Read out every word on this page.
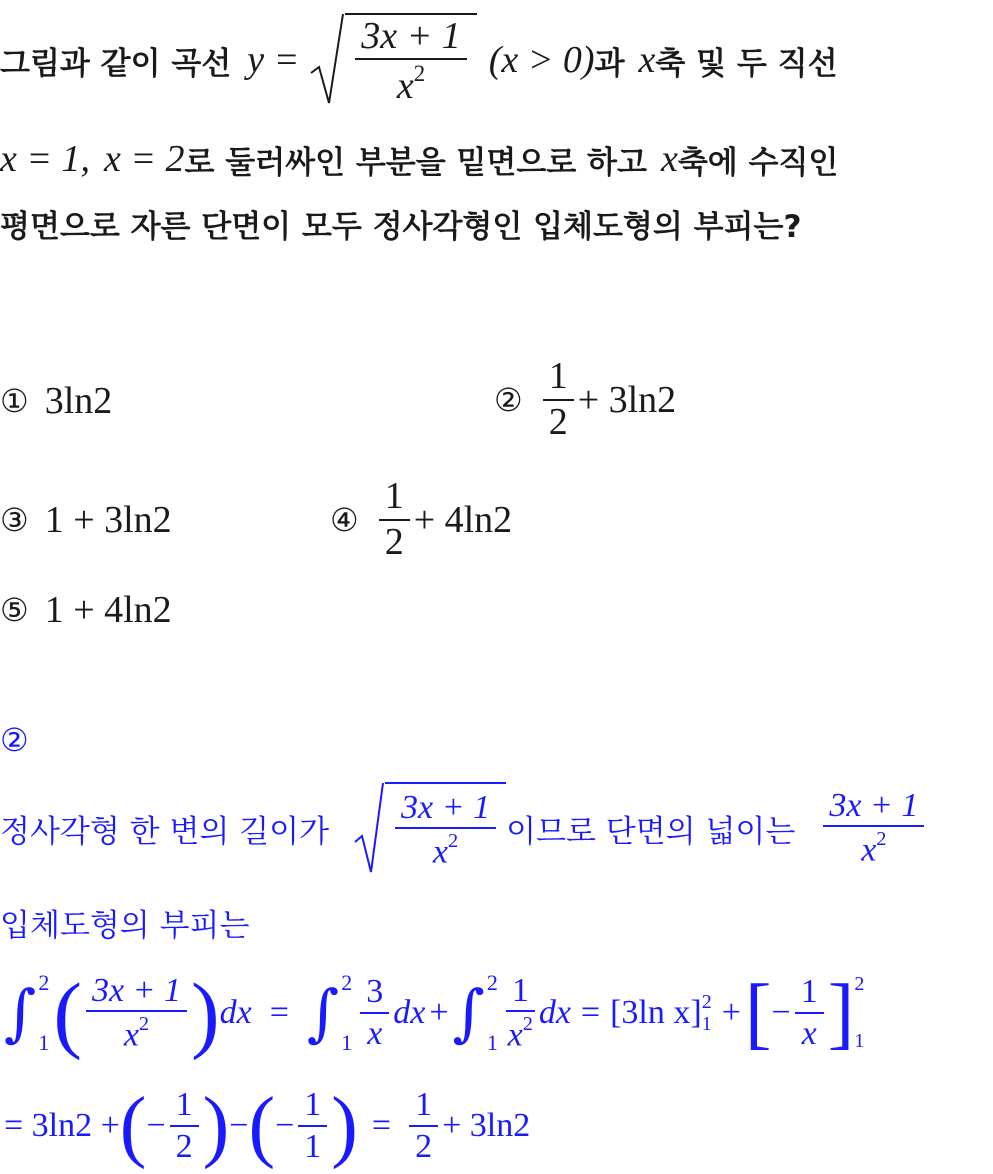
그림과 같이 곡선 $y = \frac{3x + 1}{x^2} (x > 0)$ 과 x 축 및 두 직선
x = 1, x = 2 로 둘러싸인 부분을 밑면으로 하고 x 축에 수직인
평면으로 자른 단면이 모두 정사각형인 입체도형의 부피는?
① 3ln2	② $\frac{1}{2} + 3\ln 2$
③ 1 + 3ln2	④ $\frac{1}{2} + 4\ln 2$
⑤ 1 + 4ln2
②
정사각형 한 변의 길이가 $\frac{3x + 1}{x^2}$ 이므로 단면의 넓이는 $\frac{3x + 1}{x^2}$
입체도형의 부피는
∫ 2
1 ( $\frac{3x + 1}{x^2}$ ) dx = ∫ 2
$1 \frac{3}{x}$ dx + ∫ 2
$1 \frac{1}{x^2}$ dx = [3ln x] 2
1 + [ − $\frac{1}{x}$ ] 2
1
= 3ln2 + ( − $\frac{1}{2}$ ) − ( − $\frac{1}{1}$ ) = $\frac{1}{2} + 3\ln 2$
